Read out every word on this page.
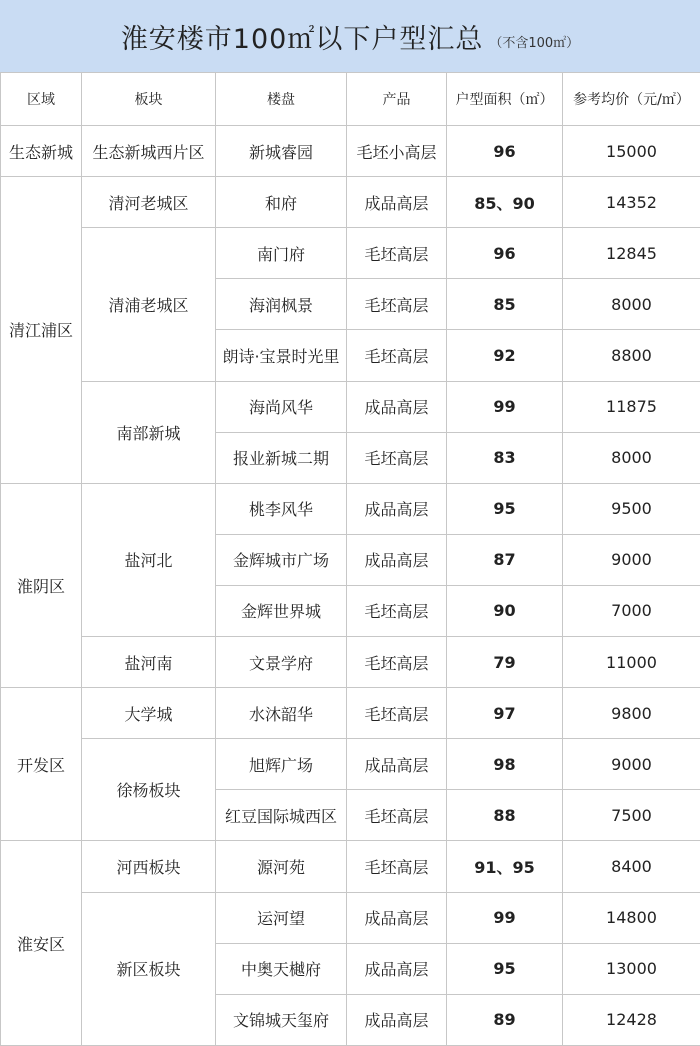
淮安楼市100㎡以下户型汇总 （不含100㎡）
区域	板块	楼盘	产品	户型面积（㎡）	参考均价（元/㎡）
生态新城	生态新城西片区	新城睿园	毛坯小高层	96	15000
清江浦区	清河老城区	和府	成品高层	85、90	14352
	清浦老城区	南门府	毛坯高层	96	12845
		海润枫景	毛坯高层	85	8000
		朗诗·宝景时光里	毛坯高层	92	8800
	南部新城	海尚风华	成品高层	99	11875
		报业新城二期	毛坯高层	83	8000
淮阴区	盐河北	桃李风华	成品高层	95	9500
		金辉城市广场	成品高层	87	9000
		金辉世界城	毛坯高层	90	7000
	盐河南	文景学府	毛坯高层	79	11000
开发区	大学城	水沐韶华	毛坯高层	97	9800
	徐杨板块	旭辉广场	成品高层	98	9000
		红豆国际城西区	毛坯高层	88	7500
淮安区	河西板块	源河苑	毛坯高层	91、95	8400
	新区板块	运河望	成品高层	99	14800
		中奥天樾府	成品高层	95	13000
		文锦城天玺府	成品高层	89	12428
